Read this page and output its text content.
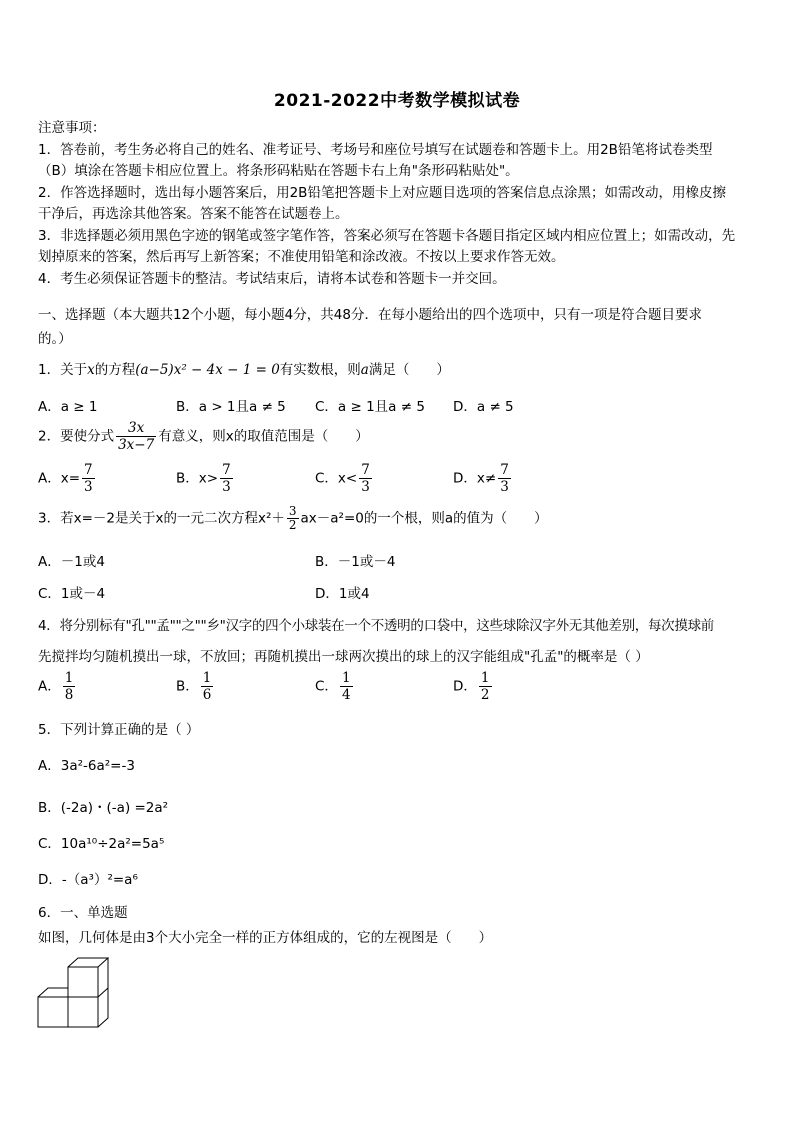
2021-2022中考数学模拟试卷
注意事项：
1．答卷前，考生务必将自己的姓名、准考证号、考场号和座位号填写在试题卷和答题卡上。用2B铅笔将试卷类型
（B）填涂在答题卡相应位置上。将条形码粘贴在答题卡右上角"条形码粘贴处"。
2．作答选择题时，选出每小题答案后，用2B铅笔把答题卡上对应题目选项的答案信息点涂黑；如需改动，用橡皮擦
干净后，再选涂其他答案。答案不能答在试题卷上。
3．非选择题必须用黑色字迹的钢笔或签字笔作答，答案必须写在答题卡各题目指定区域内相应位置上；如需改动，先
划掉原来的答案，然后再写上新答案；不准使用铅笔和涂改液。不按以上要求作答无效。
4．考生必须保证答题卡的整洁。考试结束后，请将本试卷和答题卡一并交回。
一、选择题（本大题共12个小题，每小题4分，共48分．在每小题给出的四个选项中，只有一项是符合题目要求
的。）
1．关于x的方程(a−5)x² − 4x − 1 = 0有实数根，则a满足（　　）
A．a ≥ 1	B．a > 1且a ≠ 5 C．a ≥ 1且a ≠ 5 D．a ≠ 5
2．要使分式 $\frac{3x}{3x-7}$ 有意义，则x的取值范围是（　　）
A．$x= \frac{7}{3}$	B．$x> \frac{7}{3}$	C．$x< \frac{7}{3}$	D．$x\ne \frac{7}{3}$
3．若x=－2是关于x的一元二次方程$x^2+ \frac{3}{2} ax-a^2=0$的一个根，则a的值为（　　）
A．－1或4	B．－1或－4
C．1或－4	D．1或4
4．将分别标有"孔""孟""之""乡"汉字的四个小球装在一个不透明的口袋中，这些球除汉字外无其他差别，每次摸球前
先搅拌均匀随机摸出一球，不放回；再随机摸出一球两次摸出的球上的汉字能组成"孔孟"的概率是（ ）
A． $\frac{1}{8}$	B． $\frac{1}{6}$	C． $\frac{1}{4}$	D． $\frac{1}{2}$
5．下列计算正确的是（ ）
A．3a²-6a²=-3
B．(-2a)・(-a) =2a²
C．10a¹⁰÷2a²=5a⁵
D．-（a³）²=a⁶
6．一、单选题
如图，几何体是由3个大小完全一样的正方体组成的，它的左视图是（　　）
